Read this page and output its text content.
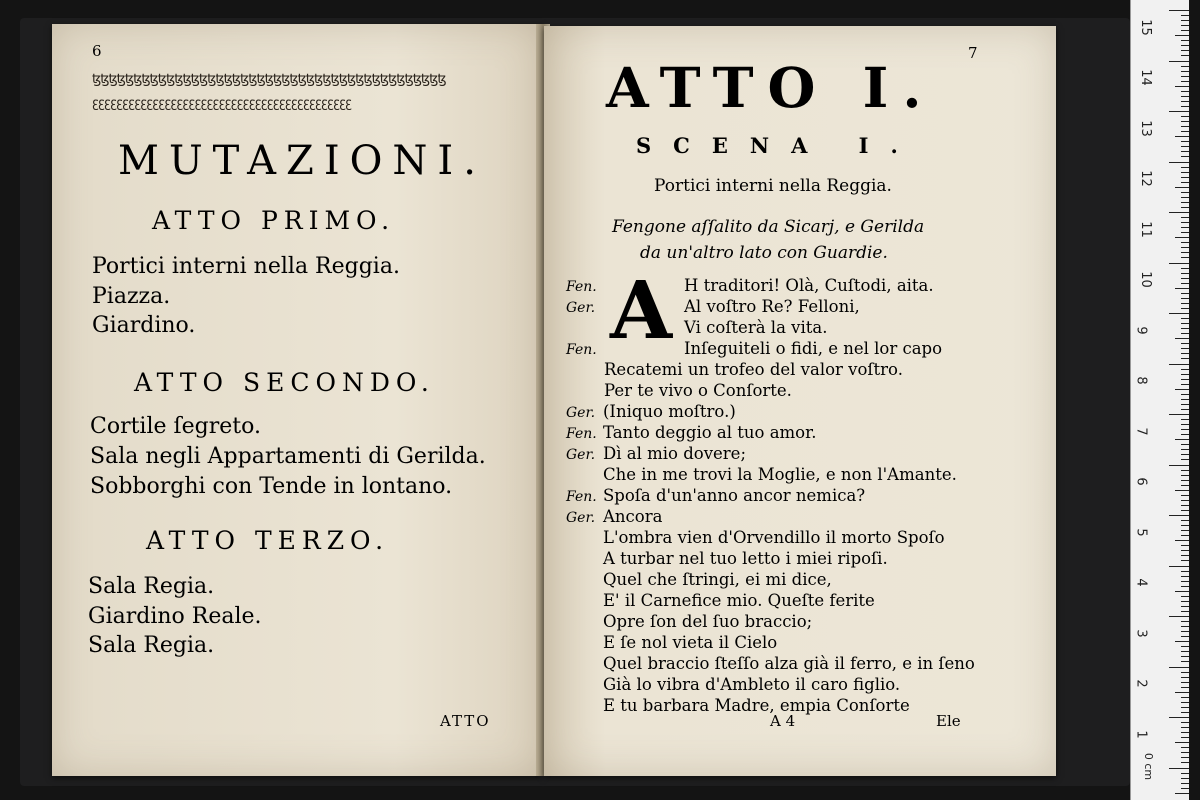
6
ꜩꜩꜩꜩꜩꜩꜩꜩꜩꜩꜩꜩꜩꜩꜩꜩꜩꜩꜩꜩꜩꜩꜩꜩꜩꜩꜩꜩꜩꜩꜩꜩꜩꜩꜩꜩꜩꜩꜩꜩꜩꜩꜩ
ꜫꜫꜫꜫꜫꜫꜫꜫꜫꜫꜫꜫꜫꜫꜫꜫꜫꜫꜫꜫꜫꜫꜫꜫꜫꜫꜫꜫꜫꜫꜫꜫꜫꜫꜫꜫꜫꜫꜫꜫꜫꜫꜫ
MUTAZIONI.
ATTO PRIMO.
Portici interni nella Reggia.
Piazza.
Giardino.
ATTO SECONDO.
Cortile ſegreto.
Sala negli Appartamenti di Gerilda.
Sobborghi con Tende in lontano.
ATTO TERZO.
Sala Regia.
Giardino Reale.
Sala Regia.
ATTO
7
ATTO I.
SCENA I.
Portici interni nella Reggia.
Fengone aſſalito da Sicarj, e Gerilda
da un'altro lato con Guardie.
A
Fen.
Ger.
Fen.
Ger.
Fen.
Ger.
Fen.
Ger.
H traditori! Olà, Cuſtodi, aita.
Al voſtro Re? Felloni,
Vi coſterà la vita.
Inſeguiteli o fidi, e nel lor capo
Recatemi un trofeo del valor voſtro.
Per te vivo o Conſorte.
(Iniquo moſtro.)
Tanto deggio al tuo amor.
Dì al mio dovere;
Che in me trovi la Moglie, e non l'Amante.
Spoſa d'un'anno ancor nemica?
Ancora
L'ombra vien d'Orvendillo il morto Spoſo
A turbar nel tuo letto i miei ripoſi.
Quel che ſtringi, ei mi dice,
E' il Carnefice mio. Queſte ferite
Opre ſon del ſuo braccio;
E ſe nol vieta il Cielo
Quel braccio ſteſſo alza già il ferro, e in ſeno
Già lo vibra d'Ambleto il caro figlio.
E tu barbara Madre, empia Conſorte
A 4	Ele
15
14
13
12
11
10
9
8
7
6
5
4
3
2
1
0 cm
